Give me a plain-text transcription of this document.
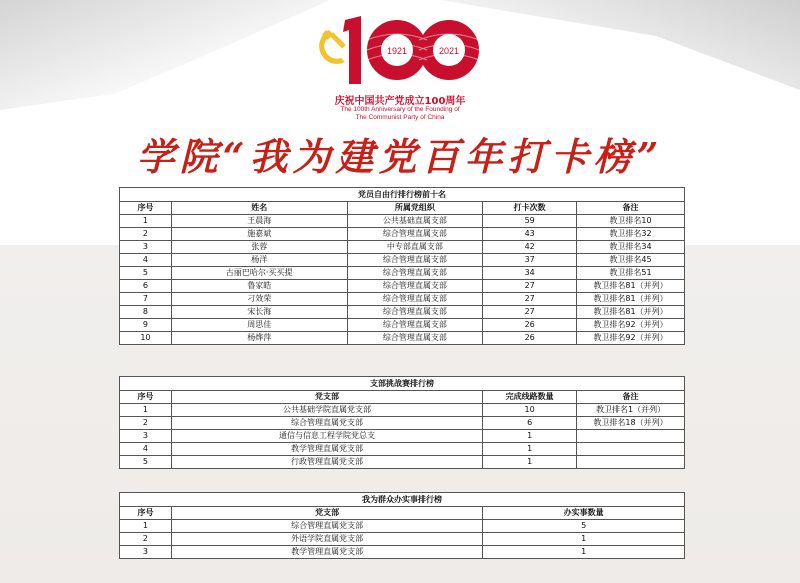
1921	2021
庆祝中国共产党成立100周年
The 100th Anniversary of the Founding of
The Communist Party of China
学院“我为建党百年打卡榜”
党员自由行排行榜前十名
序号	姓名	所属党组织	打卡次数	备注
1	王晨海	公共基础直属支部	59	教卫排名10
2	施嘉斌	综合管理直属支部	43	教卫排名32
3	张蓉	中专部直属支部	42	教卫排名34
4	杨洋	综合管理直属支部	37	教卫排名45
5	古丽巴哈尔·买买提	综合管理直属支部	34	教卫排名51
6	鲁家皓	综合管理直属支部	27	教卫排名81（并列）
7	刁效荣	综合管理直属支部	27	教卫排名81（并列）
8	宋长海	综合管理直属支部	27	教卫排名81（并列）
9	周思佳	综合管理直属支部	26	教卫排名92（并列）
10	杨烨萍	综合管理直属支部	26	教卫排名92（并列）
支部挑战赛排行榜
序号	党支部	完成线路数量	备注
1	公共基础学院直属党支部	10	教卫排名1（并列）
2	综合管理直属党支部	6	教卫排名18（并列）
3	通信与信息工程学院党总支	1	
4	教学管理直属党支部	1	
5	行政管理直属党支部	1	
我为群众办实事排行榜
序号	党支部	办实事数量
1	综合管理直属党支部	5
2	外语学院直属党支部	1
3	教学管理直属党支部	1
